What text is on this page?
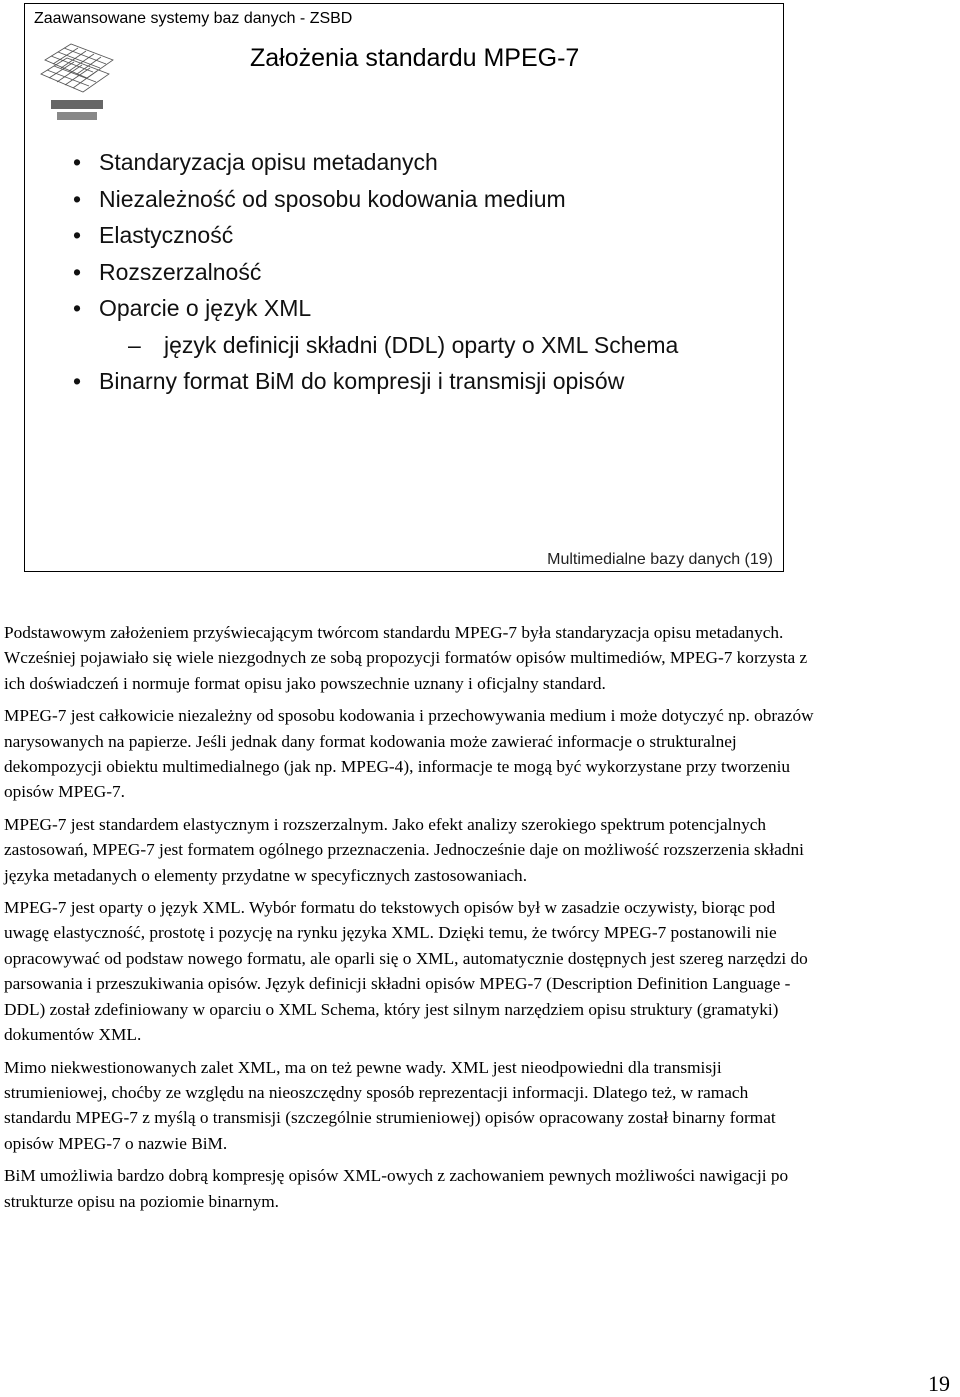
Zaawansowane systemy baz danych - ZSBD
Założenia standardu MPEG-7
• Standaryzacja opisu metadanych
• Niezależność od sposobu kodowania medium
• Elastyczność
• Rozszerzalność
• Oparcie o język XML
– język definicji składni (DDL) oparty o XML Schema
• Binarny format BiM do kompresji i transmisji opisów
Multimedialne bazy danych (19)

Podstawowym założeniem przyświecającym twórcom standardu MPEG-7 była standaryzacja opisu metadanych. Wcześniej pojawiało się wiele niezgodnych ze sobą propozycji formatów opisów multimediów, MPEG-7 korzysta z ich doświadczeń i normuje format opisu jako powszechnie uznany i oficjalny standard.

MPEG-7 jest całkowicie niezależny od sposobu kodowania i przechowywania medium i może dotyczyć np. obrazów narysowanych na papierze. Jeśli jednak dany format kodowania może zawierać informacje o strukturalnej dekompozycji obiektu multimedialnego (jak np. MPEG-4), informacje te mogą być wykorzystane przy tworzeniu opisów MPEG-7.

MPEG-7 jest standardem elastycznym i rozszerzalnym. Jako efekt analizy szerokiego spektrum potencjalnych zastosowań, MPEG-7 jest formatem ogólnego przeznaczenia. Jednocześnie daje on możliwość rozszerzenia składni języka metadanych o elementy przydatne w specyficznych zastosowaniach.

MPEG-7 jest oparty o język XML. Wybór formatu do tekstowych opisów był w zasadzie oczywisty, biorąc pod uwagę elastyczność, prostotę i pozycję na rynku języka XML. Dzięki temu, że twórcy MPEG-7 postanowili nie opracowywać od podstaw nowego formatu, ale oparli się o XML, automatycznie dostępnych jest szereg narzędzi do parsowania i przeszukiwania opisów. Język definicji składni opisów MPEG-7 (Description Definition Language - DDL) został zdefiniowany w oparciu o XML Schema, który jest silnym narzędziem opisu struktury (gramatyki) dokumentów XML.

Mimo niekwestionowanych zalet XML, ma on też pewne wady. XML jest nieodpowiedni dla transmisji strumieniowej, choćby ze względu na nieoszczędny sposób reprezentacji informacji. Dlatego też, w ramach standardu MPEG-7 z myślą o transmisji (szczególnie strumieniowej) opisów opracowany został binarny format opisów MPEG-7 o nazwie BiM.

BiM umożliwia bardzo dobrą kompresję opisów XML-owych z zachowaniem pewnych możliwości nawigacji po strukturze opisu na poziomie binarnym.

19
